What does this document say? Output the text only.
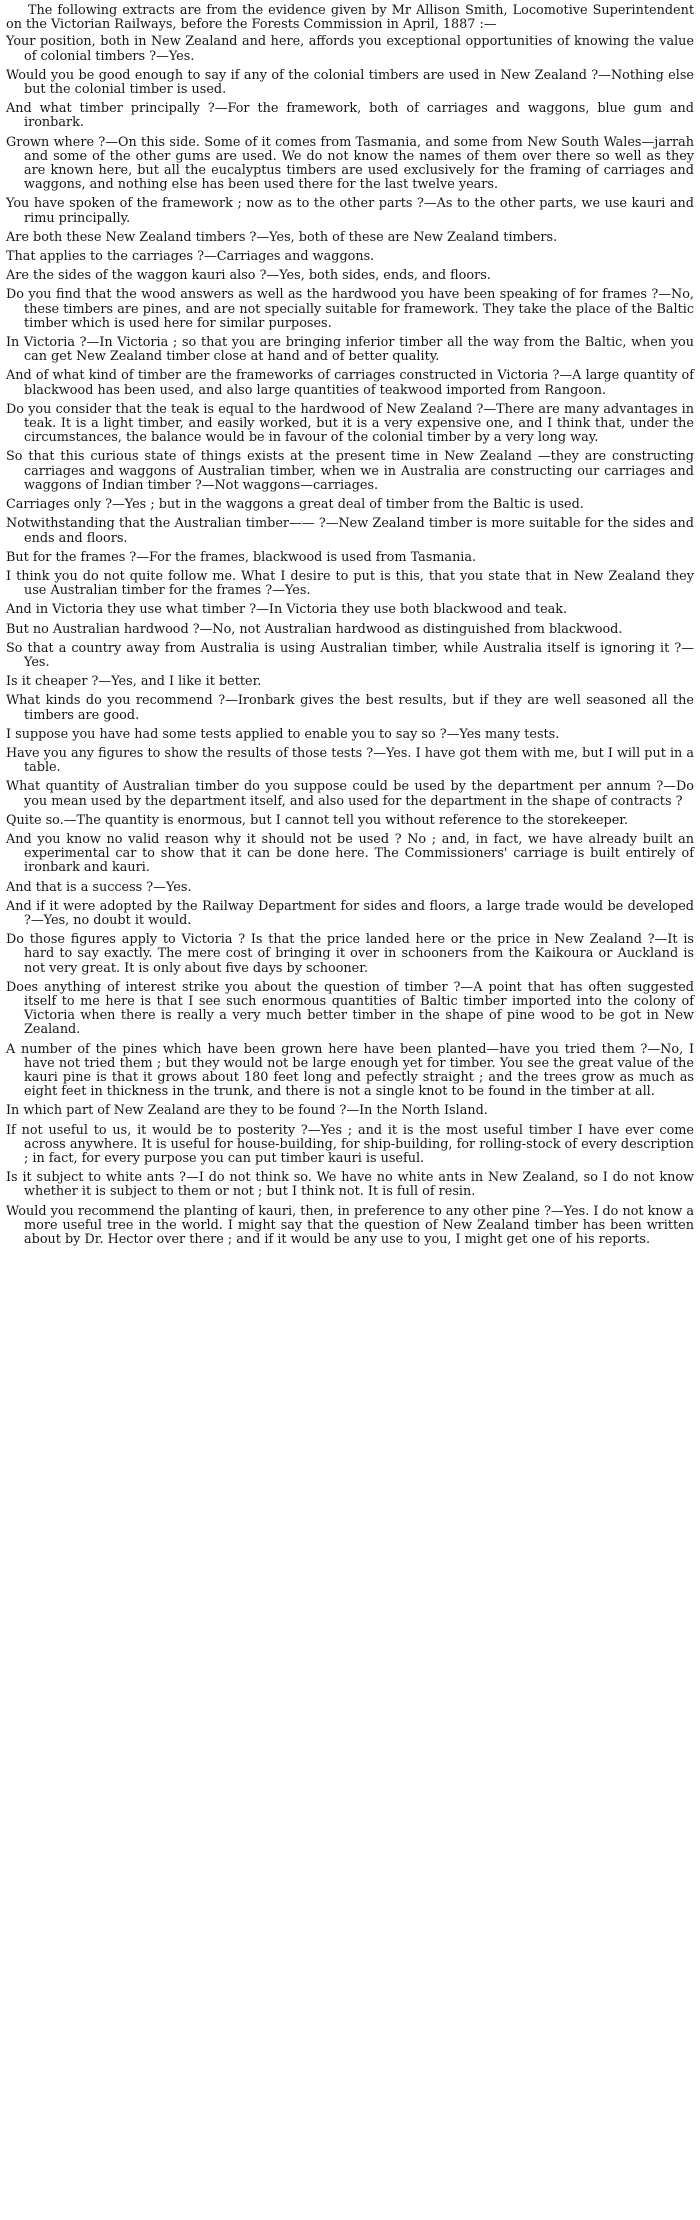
The following extracts are from the evidence given by Mr Allison Smith, Locomotive Superintendent on the Victorian Railways, before the Forests Commission in April, 1887 :—

Your position, both in New Zealand and here, affords you exceptional opportunities of knowing the value of colonial timbers ?—Yes.

Would you be good enough to say if any of the colonial timbers are used in New Zealand ?—Nothing else but the colonial timber is used.

And what timber principally ?—For the framework, both of carriages and waggons, blue gum and ironbark.

Grown where ?—On this side. Some of it comes from Tasmania, and some from New South Wales—jarrah and some of the other gums are used. We do not know the names of them over there so well as they are known here, but all the eucalyptus timbers are used exclusively for the framing of carriages and waggons, and nothing else has been used there for the last twelve years.

You have spoken of the framework ; now as to the other parts ?—As to the other parts, we use kauri and rimu principally.

Are both these New Zealand timbers ?—Yes, both of these are New Zealand timbers.

That applies to the carriages ?—Carriages and waggons.

Are the sides of the waggon kauri also ?—Yes, both sides, ends, and floors.

Do you find that the wood answers as well as the hardwood you have been speaking of for frames ?—No, these timbers are pines, and are not specially suitable for framework. They take the place of the Baltic timber which is used here for similar purposes.

In Victoria ?—In Victoria ; so that you are bringing inferior timber all the way from the Baltic, when you can get New Zealand timber close at hand and of better quality.

And of what kind of timber are the frameworks of carriages constructed in Victoria ?—A large quantity of blackwood has been used, and also large quantities of teakwood imported from Rangoon.

Do you consider that the teak is equal to the hardwood of New Zealand ?—There are many advantages in teak. It is a light timber, and easily worked, but it is a very expensive one, and I think that, under the circumstances, the balance would be in favour of the colonial timber by a very long way.

So that this curious state of things exists at the present time in New Zealand —they are constructing carriages and waggons of Australian timber, when we in Australia are constructing our carriages and waggons of Indian timber ?—Not waggons—carriages.

Carriages only ?—Yes ; but in the waggons a great deal of timber from the Baltic is used.

Notwithstanding that the Australian timber—— ?—New Zealand timber is more suitable for the sides and ends and floors.

But for the frames ?—For the frames, blackwood is used from Tasmania.

I think you do not quite follow me. What I desire to put is this, that you state that in New Zealand they use Australian timber for the frames ?—Yes.

And in Victoria they use what timber ?—In Victoria they use both blackwood and teak.

But no Australian hardwood ?—No, not Australian hardwood as distinguished from blackwood.

So that a country away from Australia is using Australian timber, while Australia itself is ignoring it ?—Yes.

Is it cheaper ?—Yes, and I like it better.

What kinds do you recommend ?—Ironbark gives the best results, but if they are well seasoned all the timbers are good.

I suppose you have had some tests applied to enable you to say so ?—Yes many tests.

Have you any figures to show the results of those tests ?—Yes. I have got them with me, but I will put in a table.

What quantity of Australian timber do you suppose could be used by the department per annum ?—Do you mean used by the department itself, and also used for the department in the shape of contracts ?

Quite so.—The quantity is enormous, but I cannot tell you without reference to the storekeeper.

And you know no valid reason why it should not be used ? No ; and, in fact, we have already built an experimental car to show that it can be done here. The Commissioners' carriage is built entirely of ironbark and kauri.

And that is a success ?—Yes.

And if it were adopted by the Railway Department for sides and floors, a large trade would be developed ?—Yes, no doubt it would.

Do those figures apply to Victoria ? Is that the price landed here or the price in New Zealand ?—It is hard to say exactly. The mere cost of bringing it over in schooners from the Kaikoura or Auckland is not very great. It is only about five days by schooner.

Does anything of interest strike you about the question of timber ?—A point that has often suggested itself to me here is that I see such enormous quantities of Baltic timber imported into the colony of Victoria when there is really a very much better timber in the shape of pine wood to be got in New Zealand.

A number of the pines which have been grown here have been planted—have you tried them ?—No, I have not tried them ; but they would not be large enough yet for timber. You see the great value of the kauri pine is that it grows about 180 feet long and pefectly straight ; and the trees grow as much as eight feet in thickness in the trunk, and there is not a single knot to be found in the timber at all.

In which part of New Zealand are they to be found ?—In the North Island.

If not useful to us, it would be to posterity ?—Yes ; and it is the most useful timber I have ever come across anywhere. It is useful for house-building, for ship-building, for rolling-stock of every description ; in fact, for every purpose you can put timber kauri is useful.

Is it subject to white ants ?—I do not think so. We have no white ants in New Zealand, so I do not know whether it is subject to them or not ; but I think not. It is full of resin.

Would you recommend the planting of kauri, then, in preference to any other pine ?—Yes. I do not know a more useful tree in the world. I might say that the question of New Zealand timber has been written about by Dr. Hector over there ; and if it would be any use to you, I might get one of his reports.
